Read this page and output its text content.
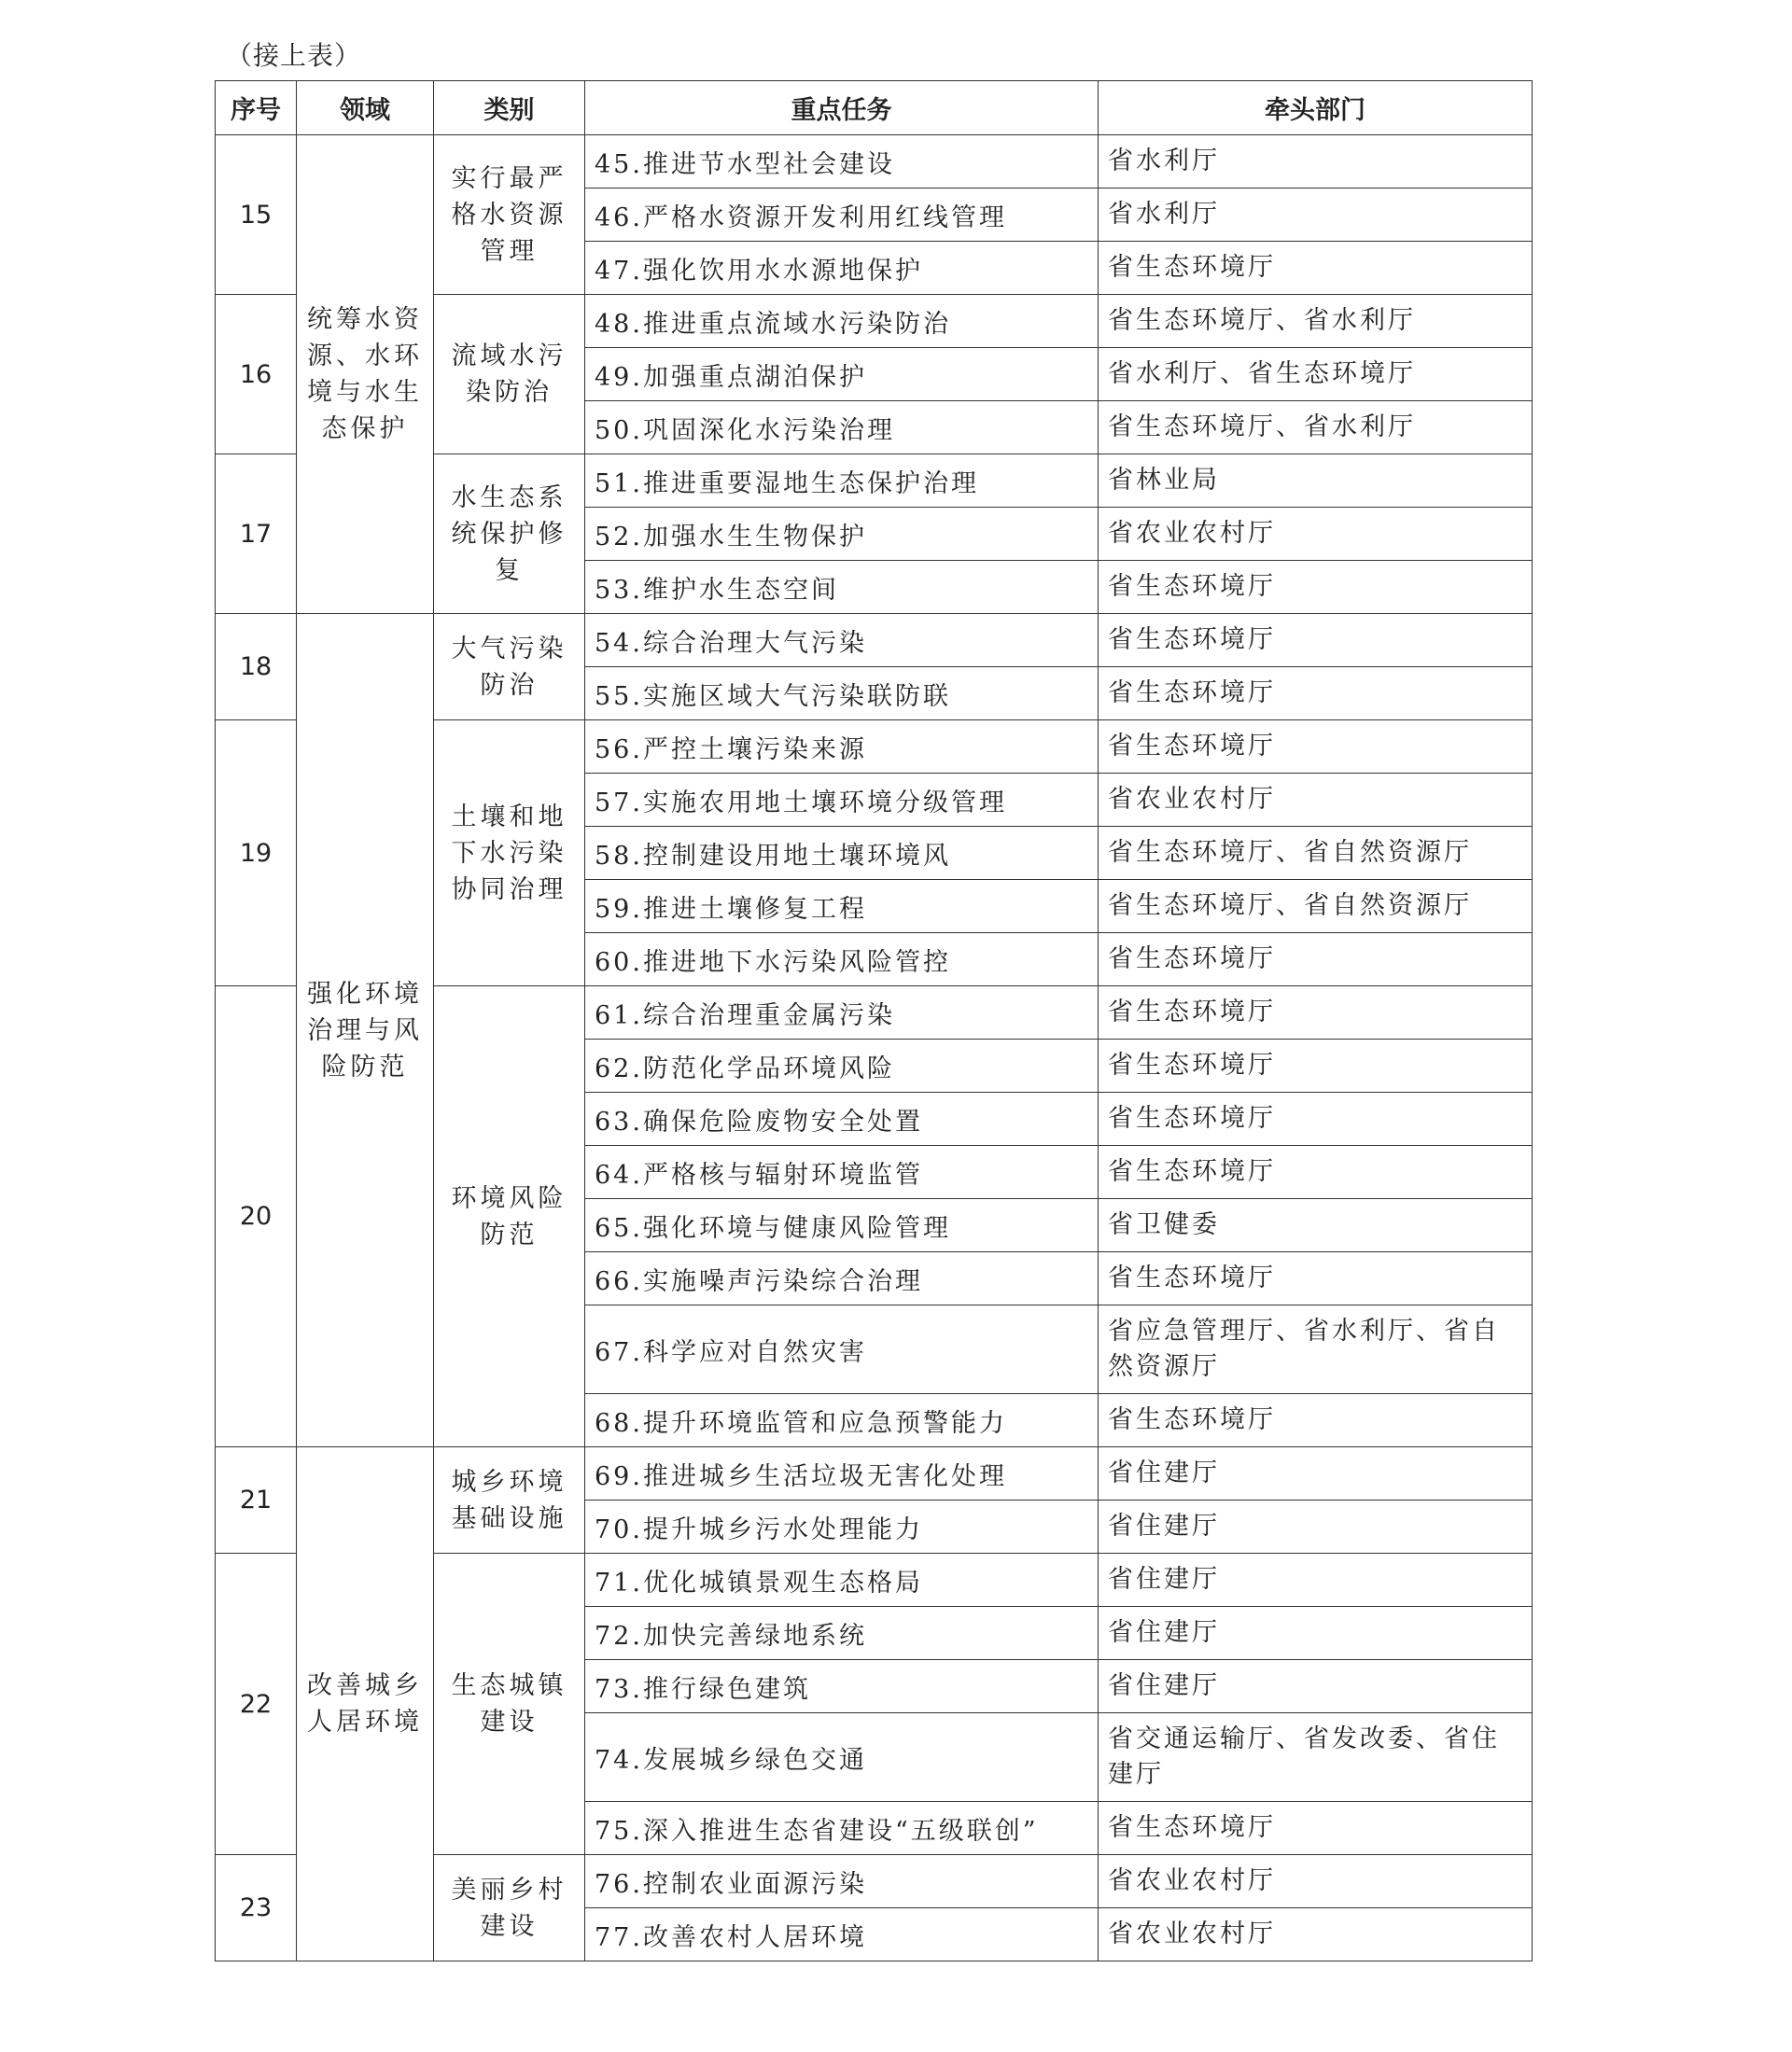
（接上表）
序号	领域	类别	重点任务	牵头部门
15	统筹水资源、水环境与水生态保护	实行最严格水资源管理	45.推进节水型社会建设	省水利厅
			46.严格水资源开发利用红线管理	省水利厅
			47.强化饮用水水源地保护	省生态环境厅
16		流域水污染防治	48.推进重点流域水污染防治	省生态环境厅、省水利厅
			49.加强重点湖泊保护	省水利厅、省生态环境厅
			50.巩固深化水污染治理	省生态环境厅、省水利厅
17		水生态系统保护修复	51.推进重要湿地生态保护治理	省林业局
			52.加强水生生物保护	省农业农村厅
			53.维护水生态空间	省生态环境厅
18	强化环境治理与风险防范	大气污染防治	54.综合治理大气污染	省生态环境厅
			55.实施区域大气污染联防联	省生态环境厅
19		土壤和地下水污染协同治理	56.严控土壤污染来源	省生态环境厅
			57.实施农用地土壤环境分级管理	省农业农村厅
			58.控制建设用地土壤环境风	省生态环境厅、省自然资源厅
			59.推进土壤修复工程	省生态环境厅、省自然资源厅
			60.推进地下水污染风险管控	省生态环境厅
20		环境风险防范	61.综合治理重金属污染	省生态环境厅
			62.防范化学品环境风险	省生态环境厅
			63.确保危险废物安全处置	省生态环境厅
			64.严格核与辐射环境监管	省生态环境厅
			65.强化环境与健康风险管理	省卫健委
			66.实施噪声污染综合治理	省生态环境厅
			67.科学应对自然灾害	省应急管理厅、省水利厅、省自然资源厅
			68.提升环境监管和应急预警能力	省生态环境厅
21	改善城乡人居环境	城乡环境基础设施	69.推进城乡生活垃圾无害化处理	省住建厅
			70.提升城乡污水处理能力	省住建厅
22		生态城镇建设	71.优化城镇景观生态格局	省住建厅
			72.加快完善绿地系统	省住建厅
			73.推行绿色建筑	省住建厅
			74.发展城乡绿色交通	省交通运输厅、省发改委、省住建厅
			75.深入推进生态省建设“五级联创”	省生态环境厅
23		美丽乡村建设	76.控制农业面源污染	省农业农村厅
			77.改善农村人居环境	省农业农村厅
